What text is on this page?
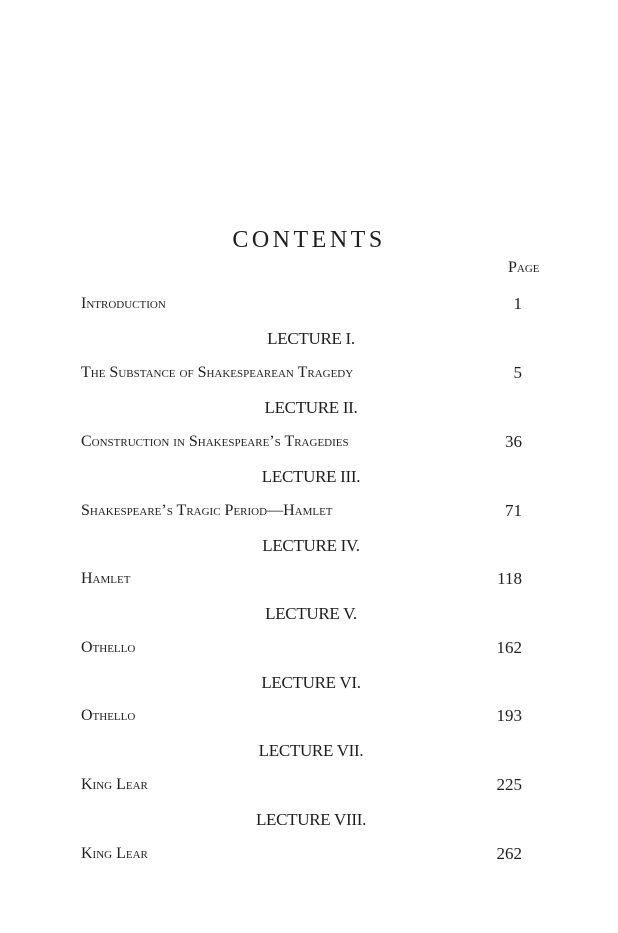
CONTENTS
Page
Introduction	1
LECTURE I.
The Substance of Shakespearean Tragedy	5
LECTURE II.
Construction in Shakespeare’s Tragedies	36
LECTURE III.
Shakespeare’s Tragic Period—Hamlet	71
LECTURE IV.
Hamlet	118
LECTURE V.
Othello	162
LECTURE VI.
Othello	193
LECTURE VII.
King Lear	225
LECTURE VIII.
King Lear	262
